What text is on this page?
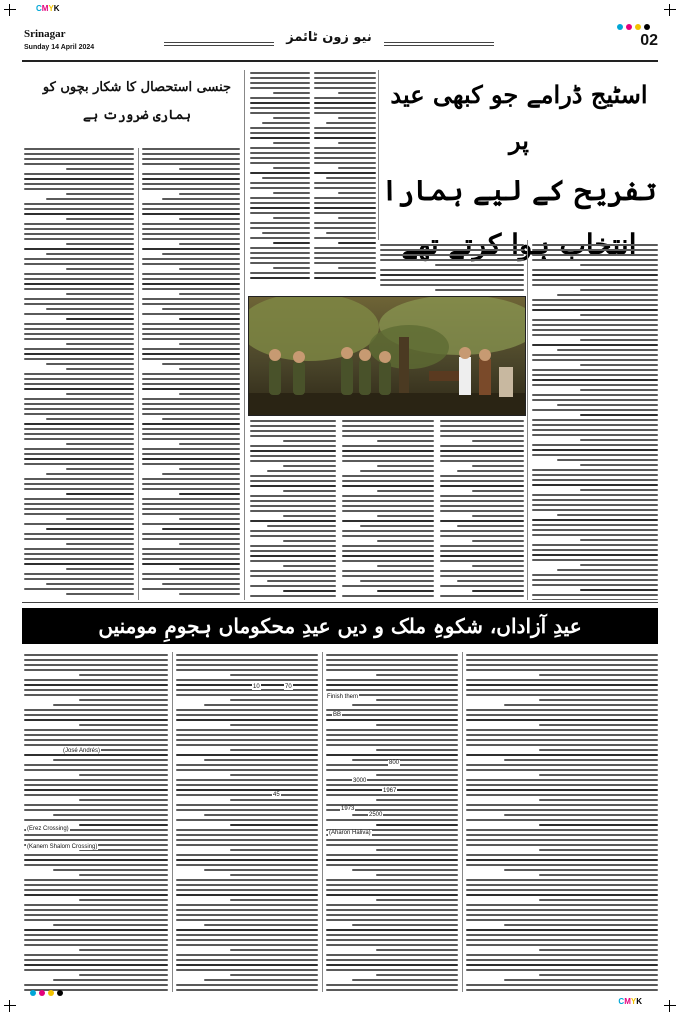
Srinagar
Sunday 14 April 2024
نیو زون ٹائمز	02
اسٹیج ڈرامے جو کبھی عید پر
تفریح کے لیے ہمارا
ہوا
جنسی استحصال کا شکار بچوں کو
ہماری ضرورت ہے
عیدِ آزاداں، شکوہِ ملک و دیں عیدِ محکوماں ہجومِ مومنیں
Finish them
BB
(Aharon Haliva)
(Erez Crossing)
(Kanem Shalom Crossing)
(José Andrés)
1967
1973
800
2500
3000
10	70
45
CMYK
CMYK
